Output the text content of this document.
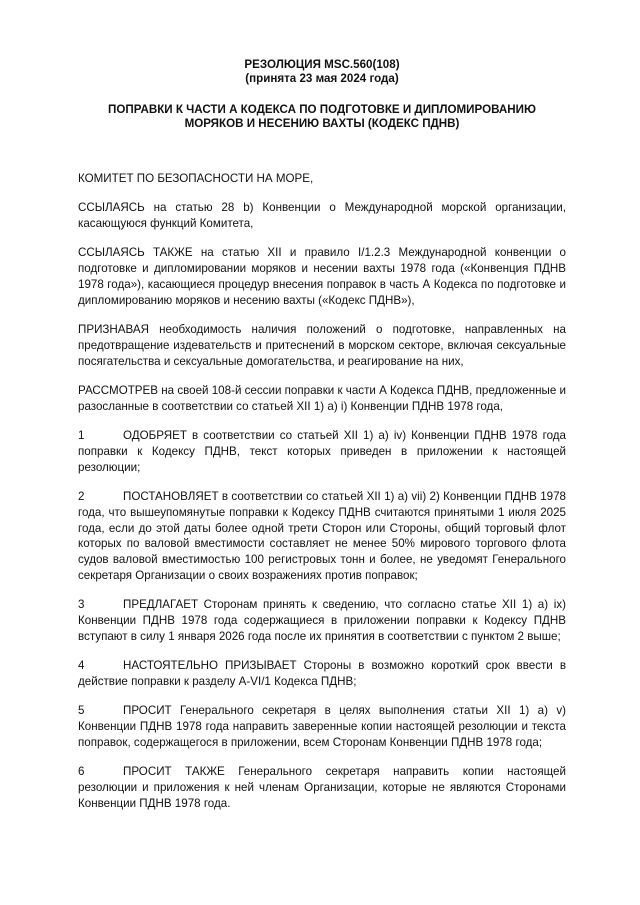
РЕЗОЛЮЦИЯ MSC.560(108)
(принята 23 мая 2024 года)
ПОПРАВКИ К ЧАСТИ А КОДЕКСА ПО ПОДГОТОВКЕ И ДИПЛОМИРОВАНИЮ
МОРЯКОВ И НЕСЕНИЮ ВАХТЫ (КОДЕКС ПДНВ)

КОМИТЕТ ПО БЕЗОПАСНОСТИ НА МОРЕ,

ССЫЛАЯСЬ на статью 28 b) Конвенции о Международной морской организации, касающуюся функций Комитета,

ССЫЛАЯСЬ ТАКЖЕ на статью XII и правило I/1.2.3 Международной конвенции о подготовке и дипломировании моряков и несении вахты 1978 года («Конвенция ПДНВ 1978 года»), касающиеся процедур внесения поправок в часть А Кодекса по подготовке и дипломированию моряков и несению вахты («Кодекс ПДНВ»),

ПРИЗНАВАЯ необходимость наличия положений о подготовке, направленных на предотвращение издевательств и притеснений в морском секторе, включая сексуальные посягательства и сексуальные домогательства, и реагирование на них,

РАССМОТРЕВ на своей 108-й сессии поправки к части А Кодекса ПДНВ, предложенные и разосланные в соответствии со статьей XII 1) a) i) Конвенции ПДНВ 1978 года,

1	ОДОБРЯЕТ в соответствии со статьей XII 1) a) iv) Конвенции ПДНВ 1978 года поправки к Кодексу ПДНВ, текст которых приведен в приложении к настоящей резолюции;

2	ПОСТАНОВЛЯЕТ в соответствии со статьей XII 1) a) vii) 2) Конвенции ПДНВ 1978 года, что вышеупомянутые поправки к Кодексу ПДНВ считаются принятыми 1 июля 2025 года, если до этой даты более одной трети Сторон или Стороны, общий торговый флот которых по валовой вместимости составляет не менее 50% мирового торгового флота судов валовой вместимостью 100 регистровых тонн и более, не уведомят Генерального секретаря Организации о своих возражениях против поправок;

3	ПРЕДЛАГАЕТ Сторонам принять к сведению, что согласно статье XII 1) a) ix) Конвенции ПДНВ 1978 года содержащиеся в приложении поправки к Кодексу ПДНВ вступают в силу 1 января 2026 года после их принятия в соответствии с пунктом 2 выше;

4	НАСТОЯТЕЛЬНО ПРИЗЫВАЕТ Стороны в возможно короткий срок ввести в действие поправки к разделу A-VI/1 Кодекса ПДНВ;

5	ПРОСИТ Генерального секретаря в целях выполнения статьи XII 1) a) v) Конвенции ПДНВ 1978 года направить заверенные копии настоящей резолюции и текста поправок, содержащегося в приложении, всем Сторонам Конвенции ПДНВ 1978 года;

6	ПРОСИТ ТАКЖЕ Генерального секретаря направить копии настоящей резолюции и приложения к ней членам Организации, которые не являются Сторонами Конвенции ПДНВ 1978 года.
